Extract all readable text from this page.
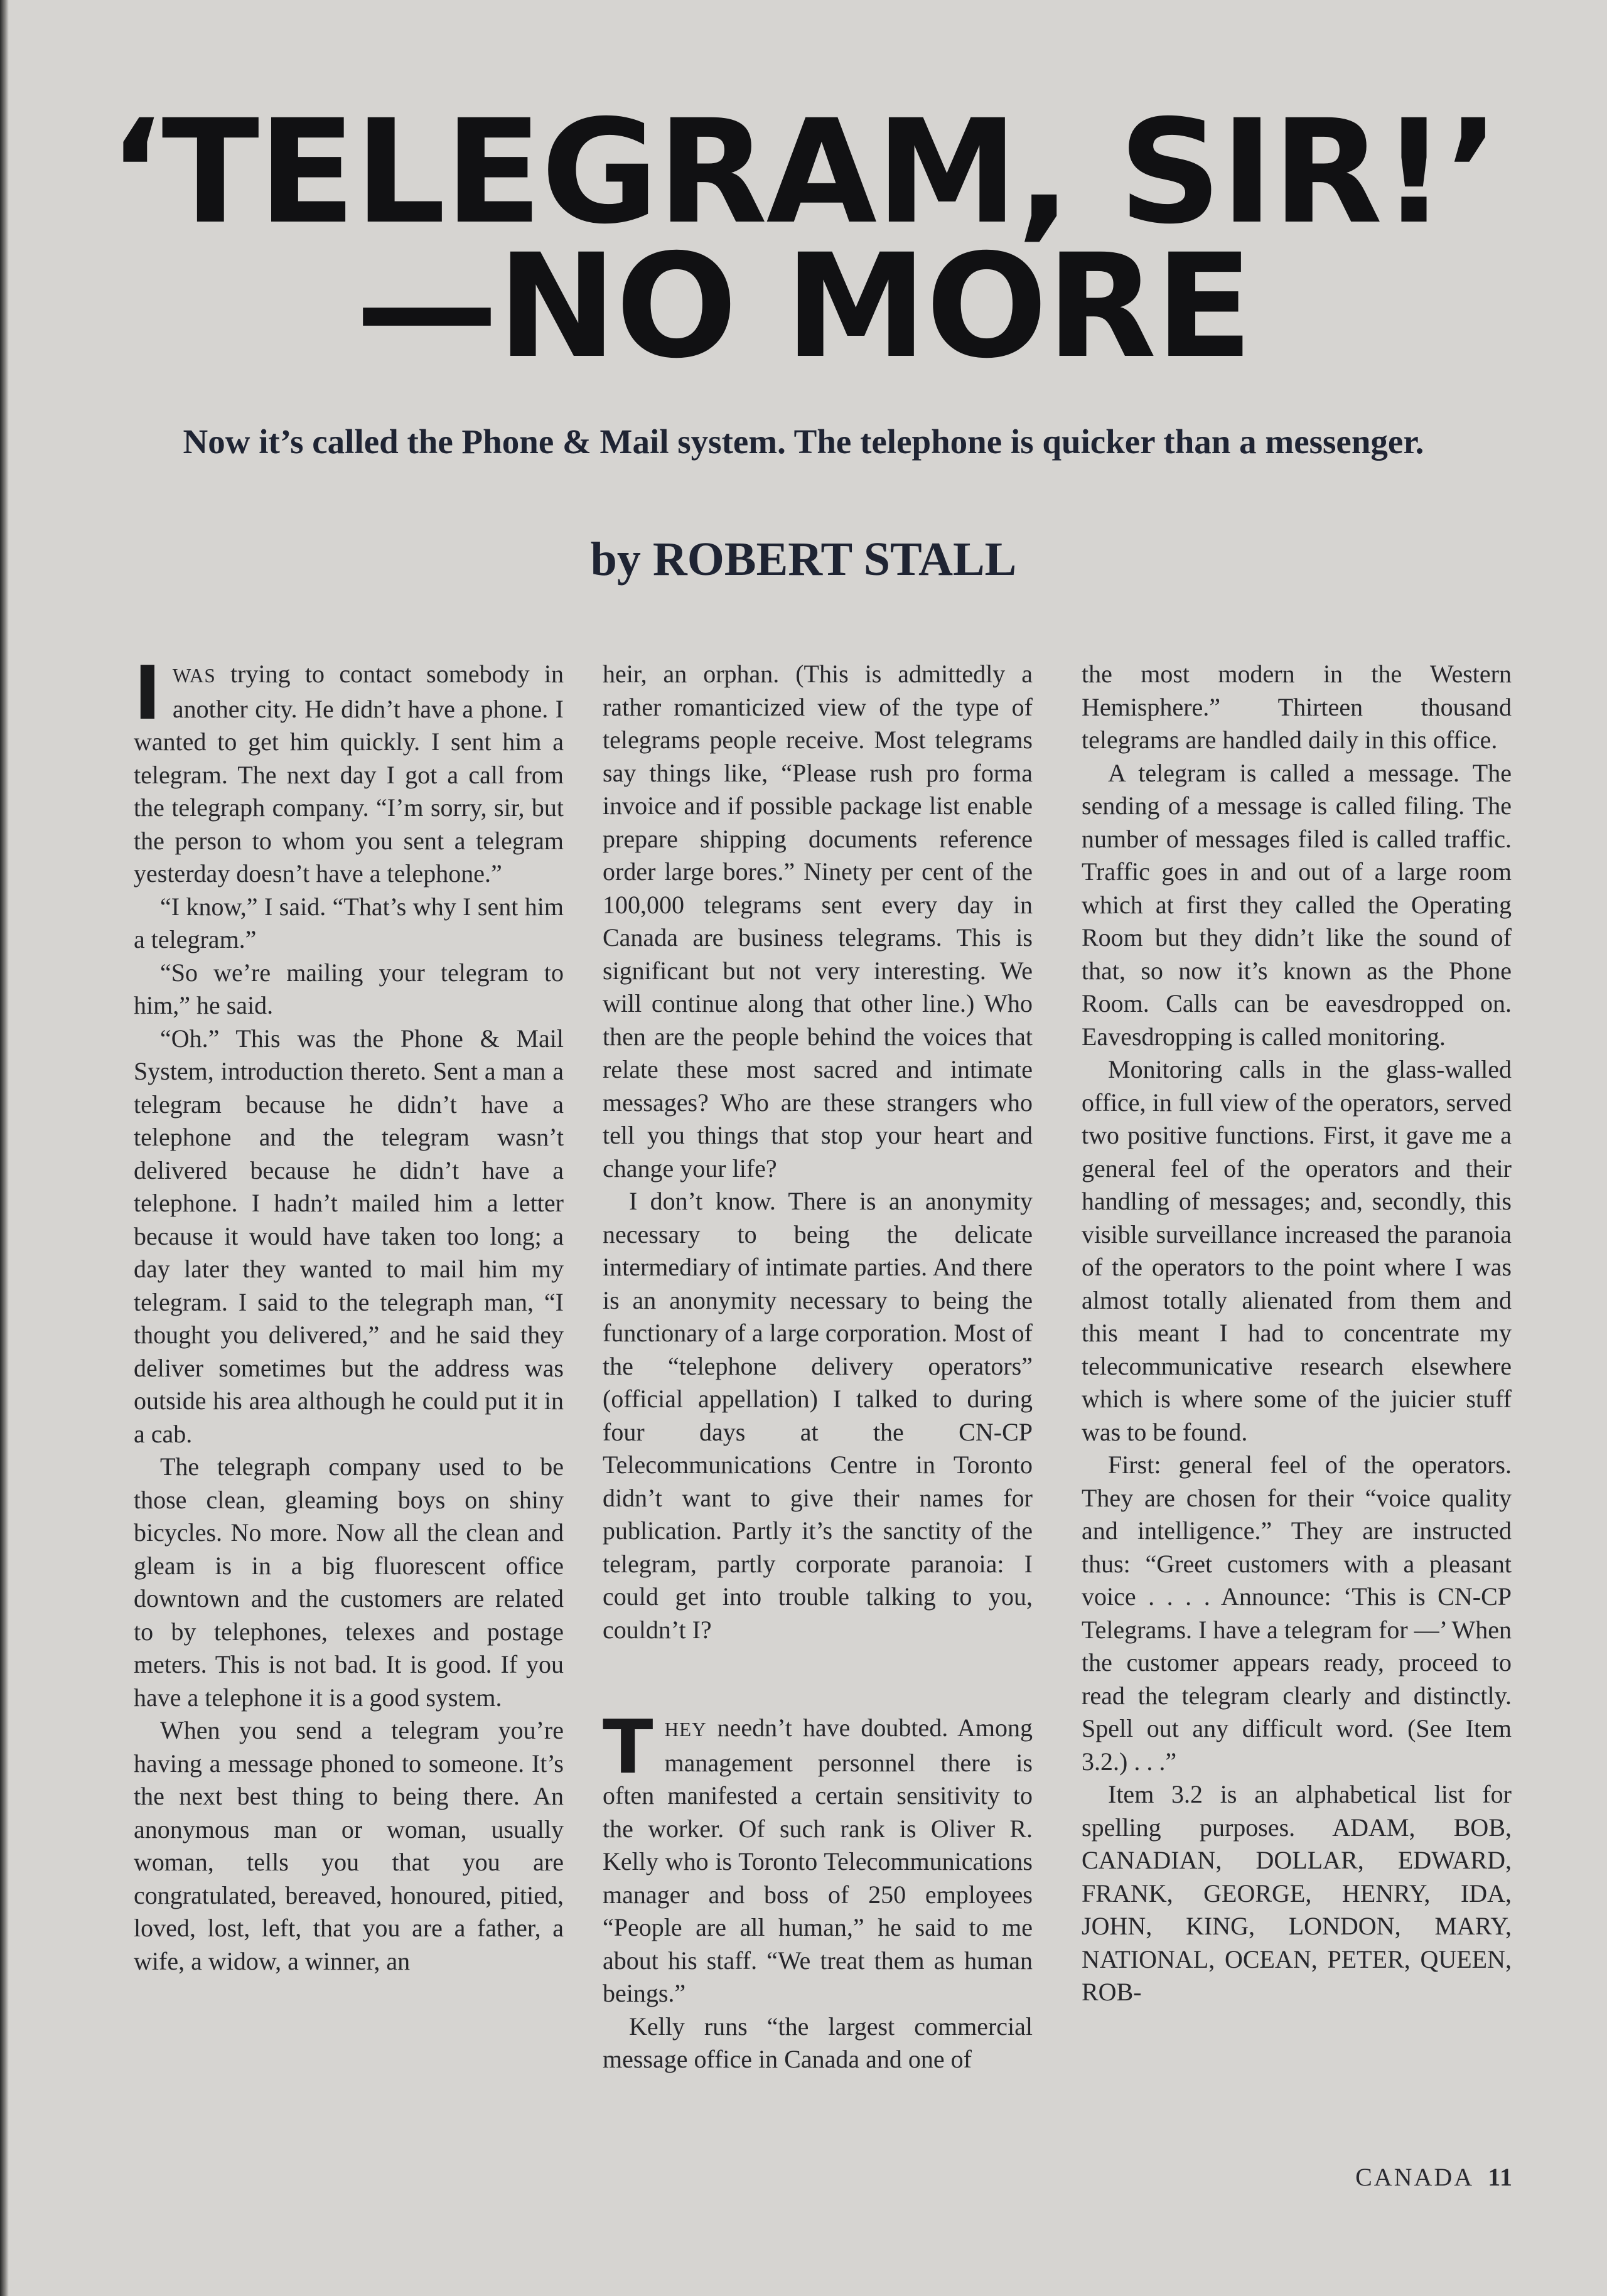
‘TELEGRAM, SIR!’
—NO MORE
Now it’s called the Phone & Mail system. The telephone is quicker than a messenger.
by ROBERT STALL

IWAS trying to contact somebody in another city. He didn’t have a phone. I wanted to get him quickly. I sent him a telegram. The next day I got a call from the telegraph company. “I’m sorry, sir, but the person to whom you sent a telegram yesterday doesn’t have a telephone.”

“I know,” I said. “That’s why I sent him a telegram.”

“So we’re mailing your telegram to him,” he said.

“Oh.” This was the Phone & Mail System, introduction thereto. Sent a man a telegram because he didn’t have a telephone and the telegram wasn’t delivered because he didn’t have a telephone. I hadn’t mailed him a letter because it would have taken too long; a day later they wanted to mail him my telegram. I said to the telegraph man, “I thought you delivered,” and he said they deliver sometimes but the address was outside his area although he could put it in a cab.

The telegraph company used to be those clean, gleaming boys on shiny bicycles. No more. Now all the clean and gleam is in a big fluorescent office downtown and the customers are related to by telephones, telexes and postage meters. This is not bad. It is good. If you have a telephone it is a good system.

When you send a telegram you’re having a message phoned to someone. It’s the next best thing to being there. An anonymous man or woman, usually woman, tells you that you are congratulated, bereaved, honoured, pitied, loved, lost, left, that you are a father, a wife, a widow, a winner, an

heir, an orphan. (This is admittedly a rather romanticized view of the type of telegrams people receive. Most telegrams say things like, “Please rush pro forma invoice and if possible package list enable prepare shipping documents reference order large bores.” Ninety per cent of the 100,000 telegrams sent every day in Canada are business telegrams. This is significant but not very interesting. We will continue along that other line.) Who then are the people behind the voices that relate these most sacred and intimate messages? Who are these strangers who tell you things that stop your heart and change your life?

I don’t know. There is an anonymity necessary to being the delicate intermediary of intimate parties. And there is an anonymity necessary to being the functionary of a large corporation. Most of the “telephone delivery operators” (official appellation) I talked to during four days at the CN-CP Telecommunications Centre in Toronto didn’t want to give their names for publication. Partly it’s the sanctity of the telegram, partly corporate paranoia: I could get into trouble talking to you, couldn’t I?

THEY needn’t have doubted. Among management personnel there is often manifested a certain sensitivity to the worker. Of such rank is Oliver R. Kelly who is Toronto Telecommunications manager and boss of 250 employees “People are all human,” he said to me about his staff. “We treat them as human beings.”

Kelly runs “the largest commercial message office in Canada and one of

the most modern in the Western Hemisphere.” Thirteen thousand telegrams are handled daily in this office.

A telegram is called a message. The sending of a message is called filing. The number of messages filed is called traffic. Traffic goes in and out of a large room which at first they called the Operating Room but they didn’t like the sound of that, so now it’s known as the Phone Room. Calls can be eavesdropped on. Eavesdropping is called monitoring.

Monitoring calls in the glass-walled office, in full view of the operators, served two positive functions. First, it gave me a general feel of the operators and their handling of messages; and, secondly, this visible surveillance increased the paranoia of the operators to the point where I was almost totally alienated from them and this meant I had to concentrate my telecommunicative research elsewhere which is where some of the juicier stuff was to be found.

First: general feel of the operators. They are chosen for their “voice quality and intelligence.” They are instructed thus: “Greet customers with a pleasant voice . . . . Announce: ‘This is CN-CP Telegrams. I have a telegram for —’ When the customer appears ready, proceed to read the telegram clearly and distinctly. Spell out any difficult word. (See Item 3.2.) . . .”

Item 3.2 is an alphabetical list for spelling purposes. ADAM, BOB, CANADIAN, DOLLAR, EDWARD, FRANK, GEORGE, HENRY, IDA, JOHN, KING, LONDON, MARY, NATIONAL, OCEAN, PETER, QUEEN, ROB-

CANADA 11
